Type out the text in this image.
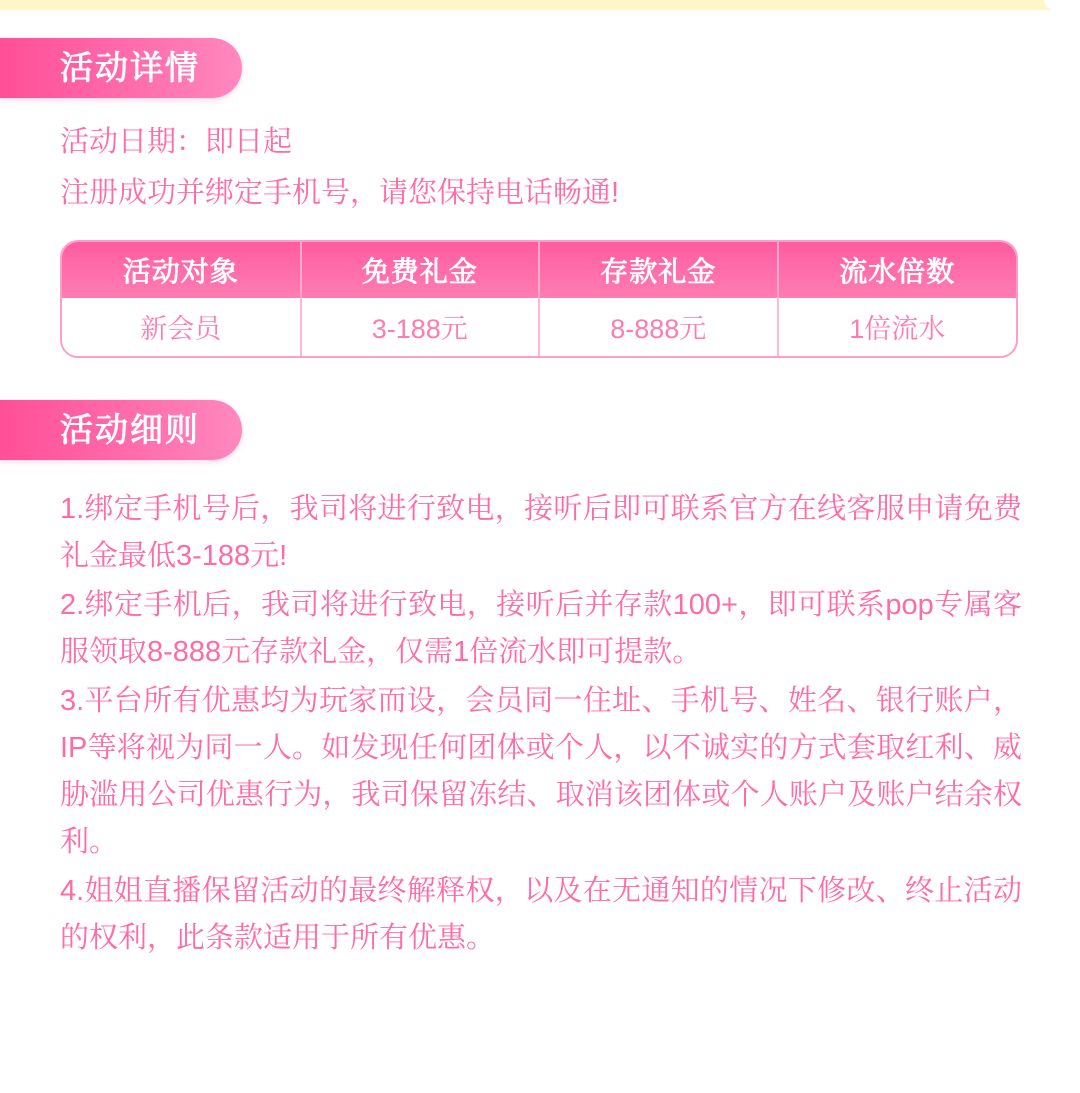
活动详情
活动日期：即日起
注册成功并绑定手机号，请您保持电话畅通!
活动对象	免费礼金	存款礼金	流水倍数
新会员	3-188元	8-888元	1倍流水
活动细则

1.绑定手机号后，我司将进行致电，接听后即可联系官方在线客服申请免费礼金最低3-188元!

2.绑定手机后，我司将进行致电，接听后并存款100+，即可联系pop专属客服领取8-888元存款礼金，仅需1倍流水即可提款。

3.平台所有优惠均为玩家而设，会员同一住址、手机号、姓名、银行账户，IP等将视为同一人。如发现任何团体或个人，以不诚实的方式套取红利、威胁滥用公司优惠行为，我司保留冻结、取消该团体或个人账户及账户结余权利。

4.姐姐直播保留活动的最终解释权，以及在无通知的情况下修改、终止活动的权利，此条款适用于所有优惠。
